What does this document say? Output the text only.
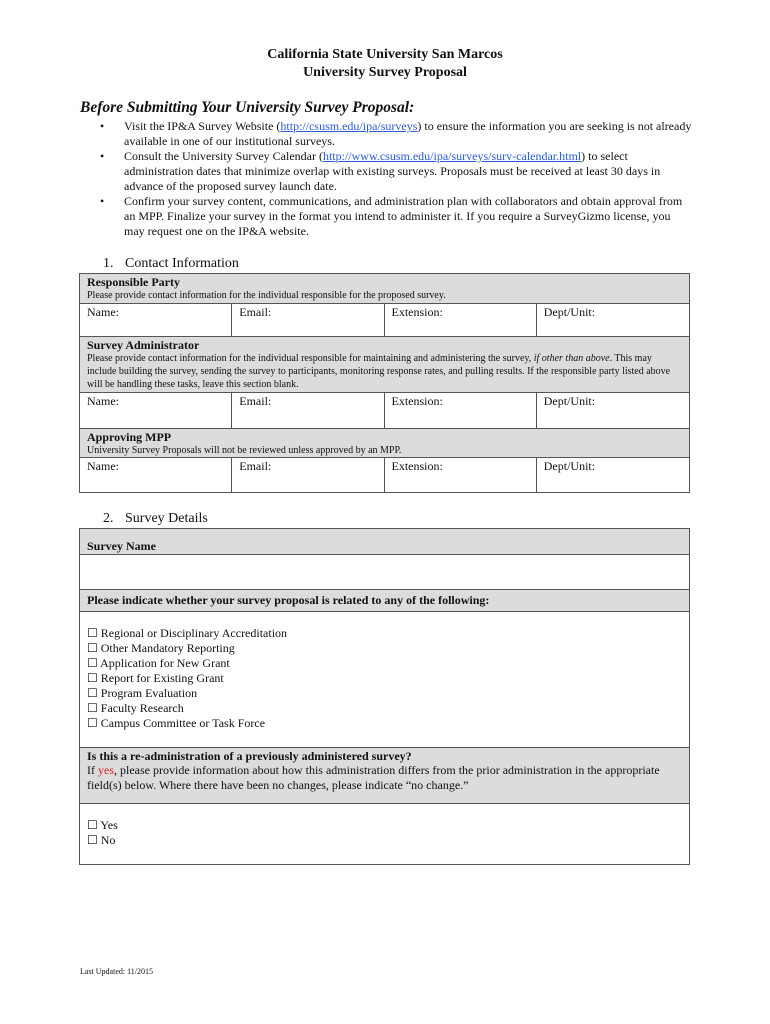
California State University San Marcos
University Survey Proposal
Before Submitting Your University Survey Proposal:
• Visit the IP&A Survey Website (http://csusm.edu/ipa/surveys) to ensure the information you are seeking is not already available in one of our institutional surveys.
• Consult the University Survey Calendar (http://www.csusm.edu/ipa/surveys/surv-calendar.html) to select administration dates that minimize overlap with existing surveys. Proposals must be received at least 30 days in advance of the proposed survey launch date.
• Confirm your survey content, communications, and administration plan with collaborators and obtain approval from an MPP. Finalize your survey in the format you intend to administer it. If you require a SurveyGizmo license, you may request one on the IP&A website.
1. Contact Information
Responsible Party
Please provide contact information for the individual responsible for the proposed survey.
Name:	Email:	Extension:	Dept/Unit:
Survey Administrator
Please provide contact information for the individual responsible for maintaining and administering the survey, if other than above. This may include building the survey, sending the survey to participants, monitoring response rates, and pulling results. If the responsible party listed above will be handling these tasks, leave this section blank.
Name:	Email:	Extension:	Dept/Unit:
Approving MPP
University Survey Proposals will not be reviewed unless approved by an MPP.
Name:	Email:	Extension:	Dept/Unit:
2. Survey Details
Survey Name
Please indicate whether your survey proposal is related to any of the following:
☐ Regional or Disciplinary Accreditation
☐ Other Mandatory Reporting
☐ Application for New Grant
☐ Report for Existing Grant
☐ Program Evaluation
☐ Faculty Research
☐ Campus Committee or Task Force
Is this a re-administration of a previously administered survey?
If yes, please provide information about how this administration differs from the prior administration in the appropriate field(s) below. Where there have been no changes, please indicate “no change.”
☐ Yes
☐ No
Last Updated: 11/2015
